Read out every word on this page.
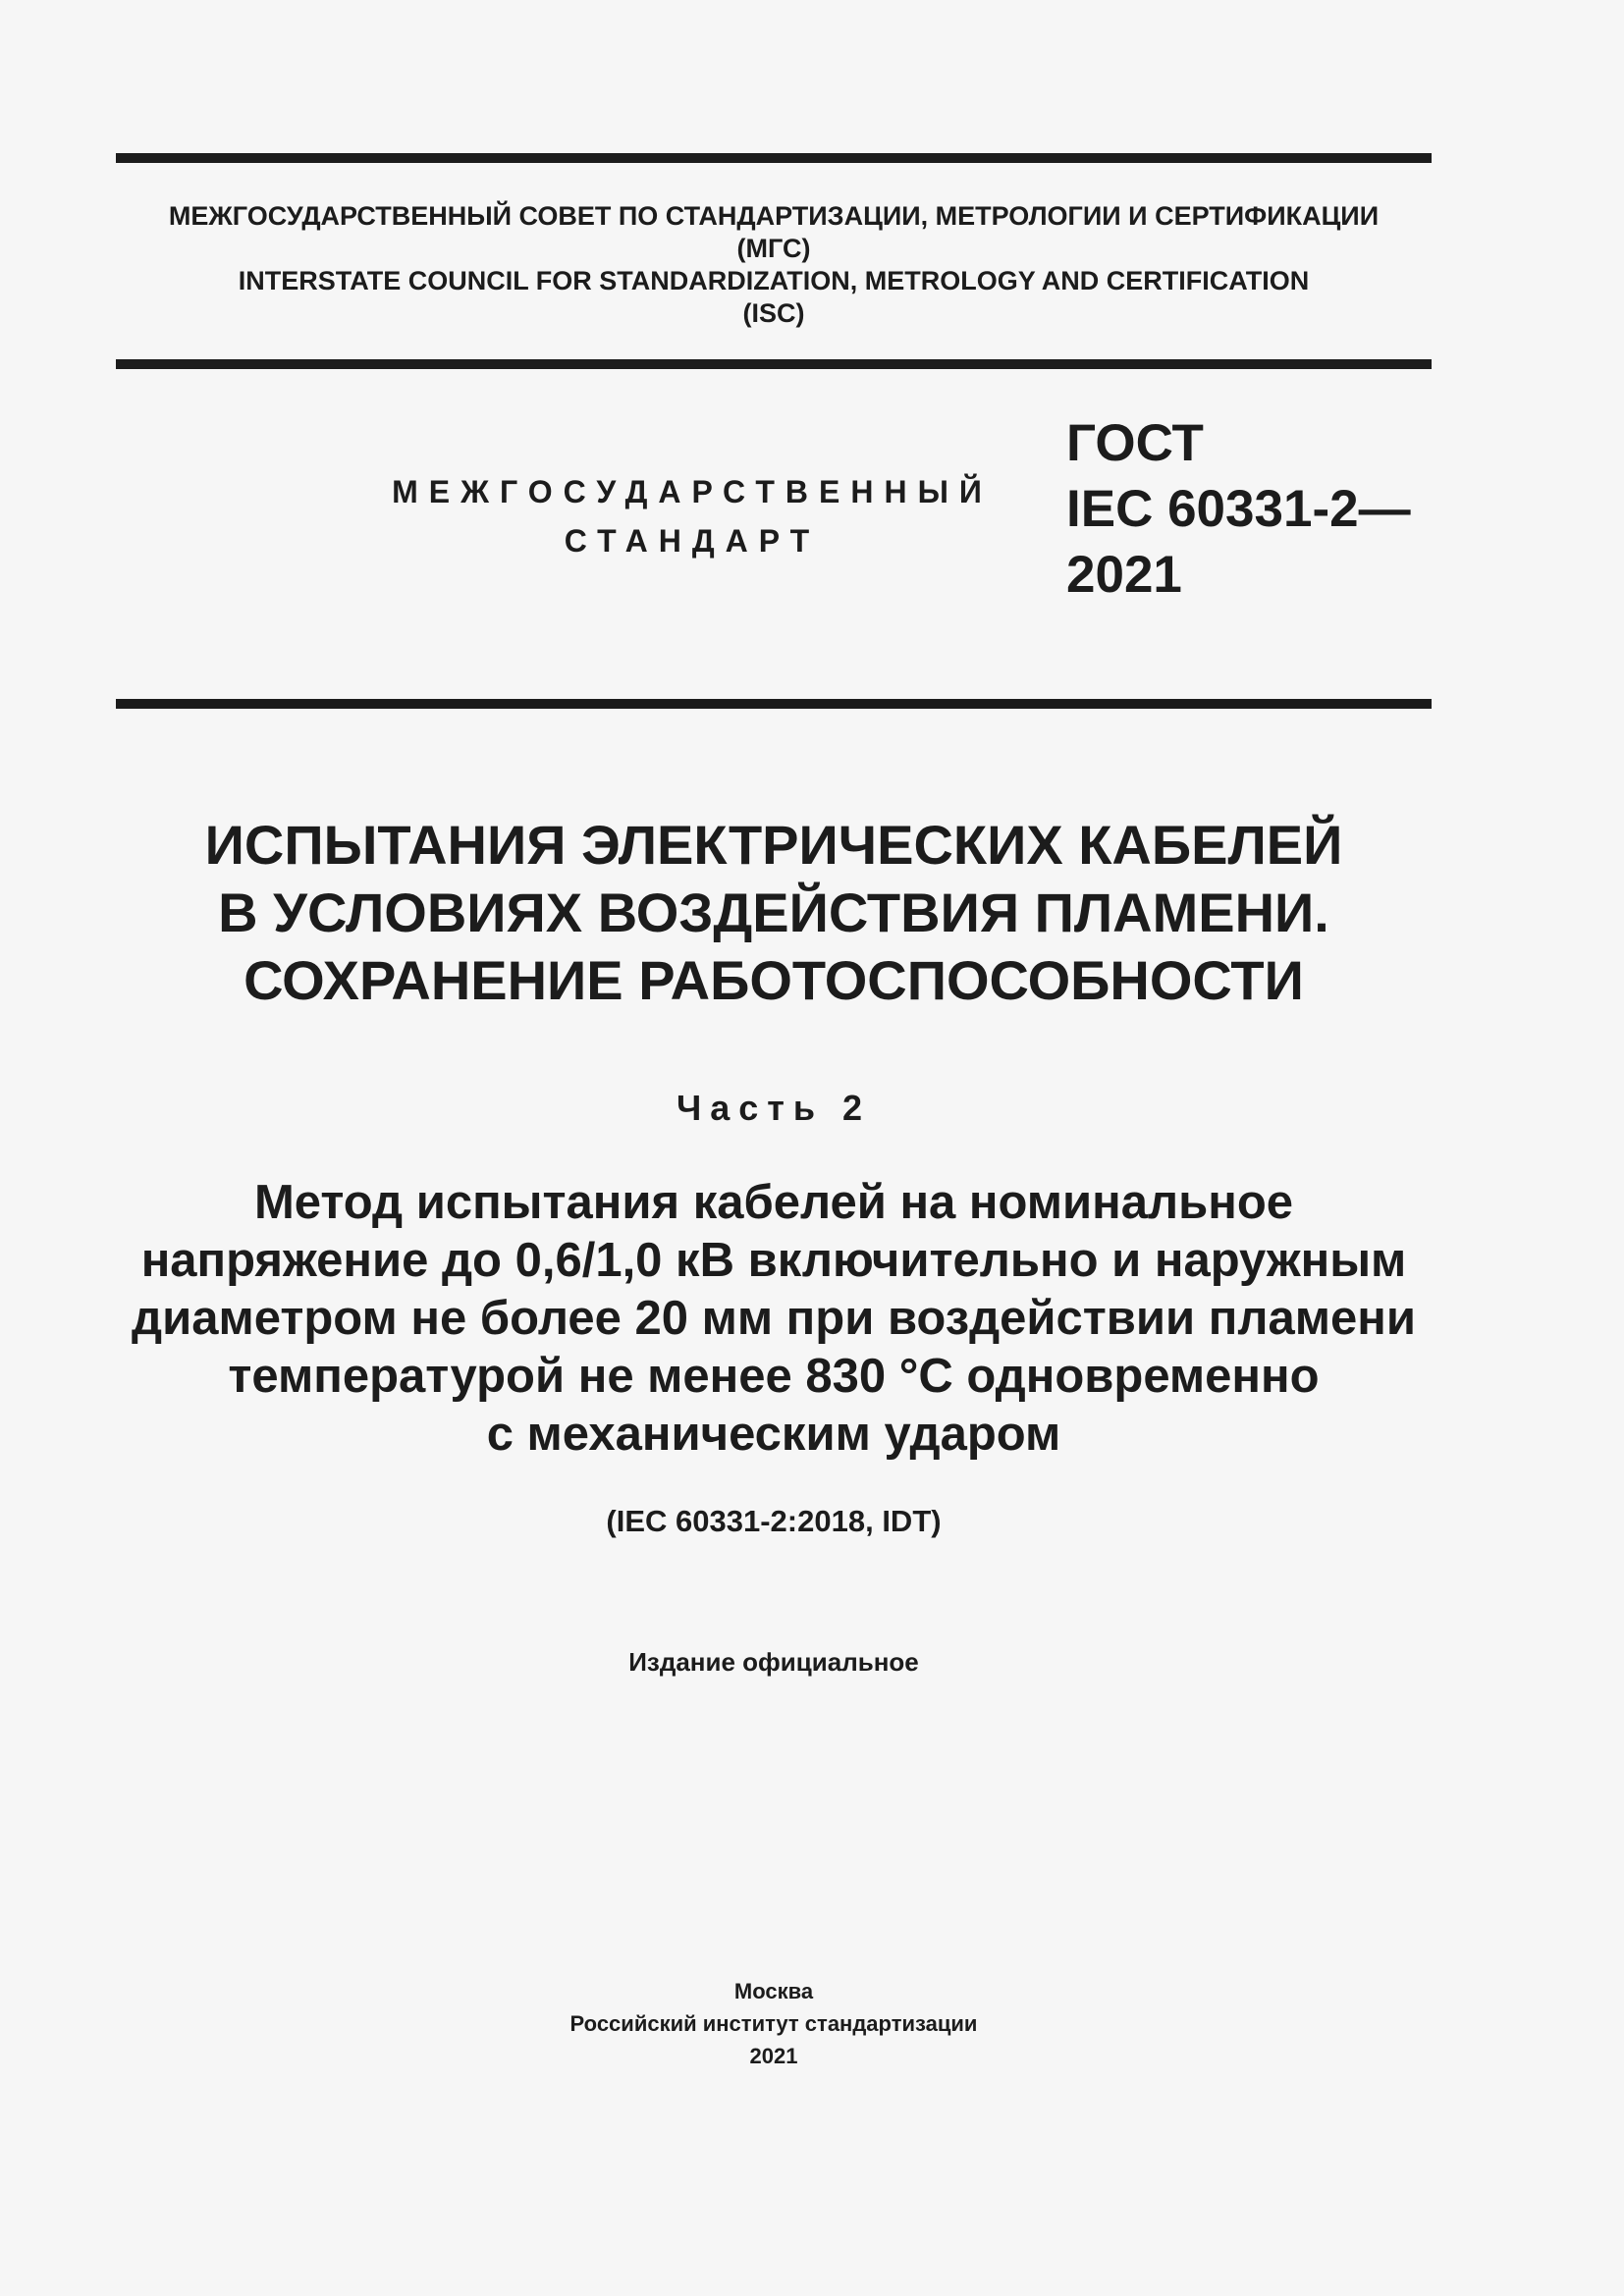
МЕЖГОСУДАРСТВЕННЫЙ СОВЕТ ПО СТАНДАРТИЗАЦИИ, МЕТРОЛОГИИ И СЕРТИФИКАЦИИ
(МГС)
INTERSTATE COUNCIL FOR STANDARDIZATION, METROLOGY AND CERTIFICATION
(ISC)
МЕЖГОСУДАРСТВЕННЫЙ
СТАНДАРТ
ГОСТ
IEC 60331-2—
2021
ИСПЫТАНИЯ ЭЛЕКТРИЧЕСКИХ КАБЕЛЕЙ
В УСЛОВИЯХ ВОЗДЕЙСТВИЯ ПЛАМЕНИ.
СОХРАНЕНИЕ РАБОТОСПОСОБНОСТИ
Часть 2
Метод испытания кабелей на номинальное
напряжение до 0,6/1,0 кВ включительно и наружным
диаметром не более 20 мм при воздействии пламени
температурой не менее 830 °С одновременно
с механическим ударом
(IEC 60331-2:2018, IDT)
Издание официальное
Москва
Российский институт стандартизации
2021
